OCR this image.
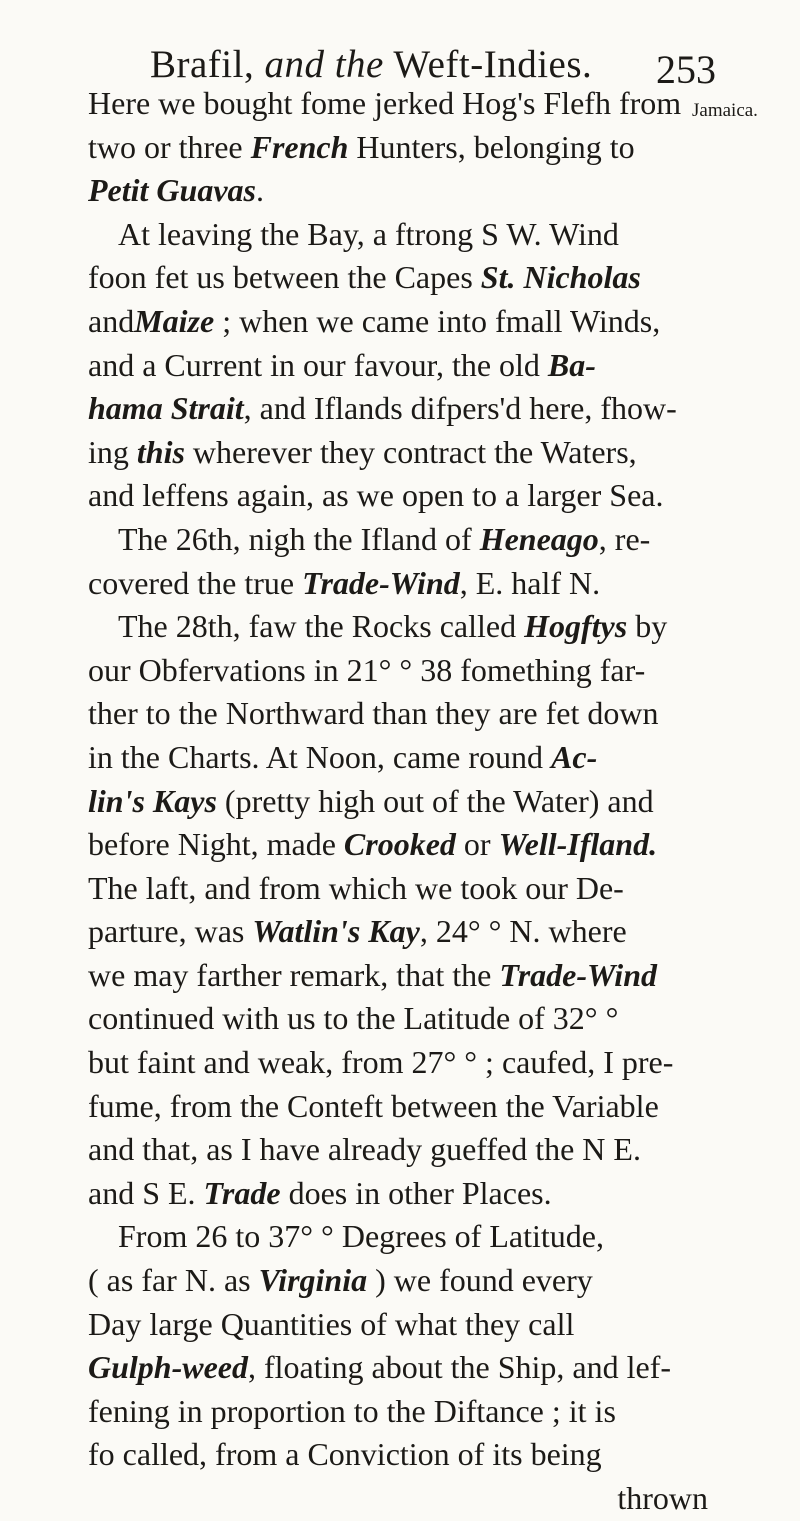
Brafil, and the Weft-Indies. 253
Jamaica.
Here we bought fome jerked Hog's Flefh from
two or three French Hunters, belonging to
Petit Guavas.
At leaving the Bay, a ftrong S W. Wind
foon fet us between the Capes St. Nicholas
andMaize ; when we came into fmall Winds,
and a Current in our favour, the old Ba-
hama Strait, and Iflands difpers'd here, fhow-
ing this wherever they contract the Waters,
and leffens again, as we open to a larger Sea.
The 26th, nigh the Ifland of Heneago, re-
covered the true Trade-Wind, E. half N.
The 28th, faw the Rocks called Hogftys by
our Obfervations in 21° ° 38 fomething far-
ther to the Northward than they are fet down
in the Charts. At Noon, came round Ac-
lin's Kays (pretty high out of the Water) and
before Night, made Crooked or Well-Ifland.
The laft, and from which we took our De-
parture, was Watlin's Kay, 24° ° N. where
we may farther remark, that the Trade-Wind
continued with us to the Latitude of 32° °
but faint and weak, from 27° ° ; caufed, I pre-
fume, from the Conteft between the Variable
and that, as I have already gueffed the N E.
and S E. Trade does in other Places.
From 26 to 37° ° Degrees of Latitude,
( as far N. as Virginia ) we found every
Day large Quantities of what they call
Gulph-weed, floating about the Ship, and lef-
fening in proportion to the Diftance ; it is
fo called, from a Conviction of its being
thrown
